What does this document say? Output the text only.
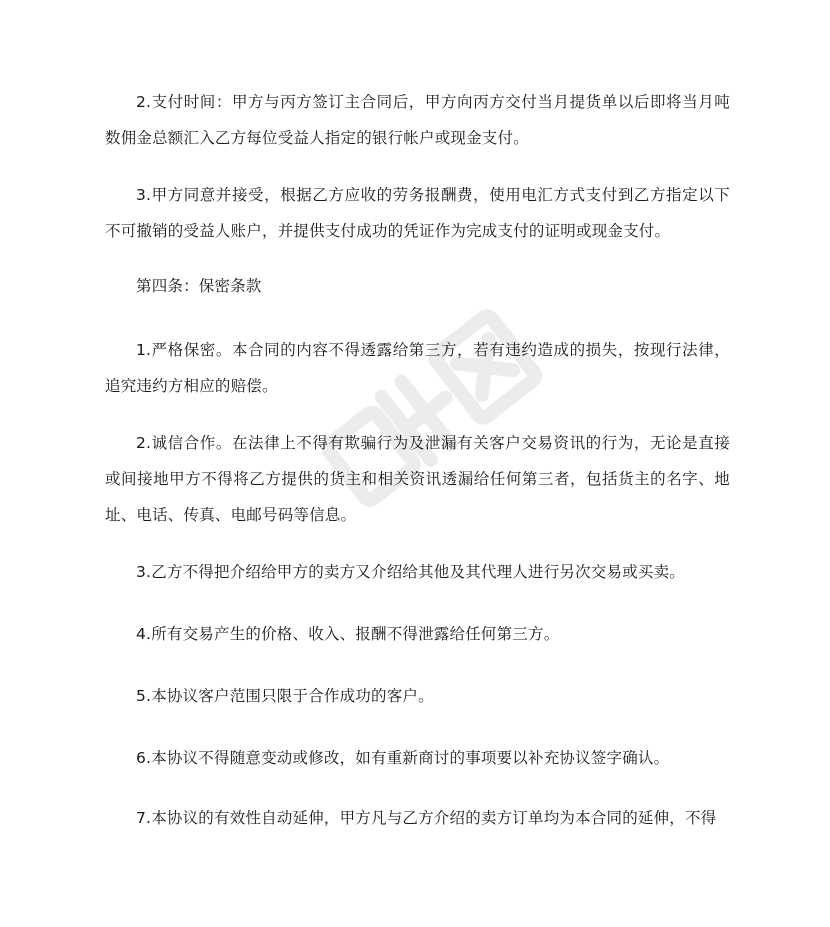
2.支付时间：甲方与丙方签订主合同后，甲方向丙方交付当月提货单以后即将当月吨数佣金总额汇入乙方每位受益人指定的银行帐户或现金支付。

3.甲方同意并接受，根据乙方应收的劳务报酬费，使用电汇方式支付到乙方指定以下不可撤销的受益人账户，并提供支付成功的凭证作为完成支付的证明或现金支付。

第四条：保密条款

1.严格保密。本合同的内容不得透露给第三方，若有违约造成的损失，按现行法律，追究违约方相应的赔偿。

2.诚信合作。在法律上不得有欺骗行为及泄漏有关客户交易资讯的行为，无论是直接或间接地甲方不得将乙方提供的货主和相关资讯透漏给任何第三者，包括货主的名字、地址、电话、传真、电邮号码等信息。

3.乙方不得把介绍给甲方的卖方又介绍给其他及其代理人进行另次交易或买卖。

4.所有交易产生的价格、收入、报酬不得泄露给任何第三方。

5.本协议客户范围只限于合作成功的客户。

6.本协议不得随意变动或修改，如有重新商讨的事项要以补充协议签字确认。

7.本协议的有效性自动延伸，甲方凡与乙方介绍的卖方订单均为本合同的延伸，不得
